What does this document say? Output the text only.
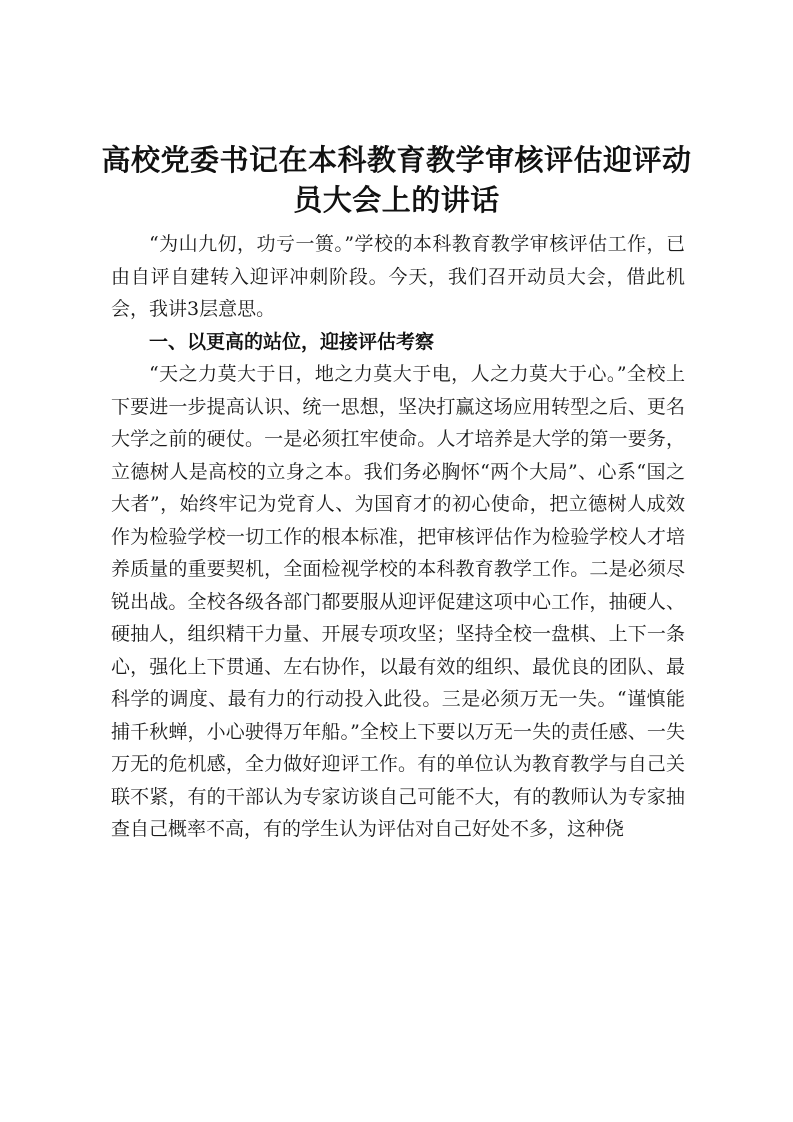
高校党委书记在本科教育教学审核评估迎评动员大会上的讲话

“为山九仞，功亏一篑。”学校的本科教育教学审核评估工作，已由自评自建转入迎评冲刺阶段。今天，我们召开动员大会，借此机会，我讲3层意思。

一、以更高的站位，迎接评估考察

“天之力莫大于日，地之力莫大于电，人之力莫大于心。”全校上下要进一步提高认识、统一思想，坚决打赢这场应用转型之后、更名大学之前的硬仗。一是必须扛牢使命。人才培养是大学的第一要务，立德树人是高校的立身之本。我们务必胸怀“两个大局”、心系“国之大者”，始终牢记为党育人、为国育才的初心使命，把立德树人成效作为检验学校一切工作的根本标准，把审核评估作为检验学校人才培养质量的重要契机，全面检视学校的本科教育教学工作。二是必须尽锐出战。全校各级各部门都要服从迎评促建这项中心工作，抽硬人、硬抽人，组织精干力量、开展专项攻坚；坚持全校一盘棋、上下一条心，强化上下贯通、左右协作，以最有效的组织、最优良的团队、最科学的调度、最有力的行动投入此役。三是必须万无一失。“谨慎能捕千秋蝉，小心驶得万年船。”全校上下要以万无一失的责任感、一失万无的危机感，全力做好迎评工作。有的单位认为教育教学与自己关联不紧，有的干部认为专家访谈自己可能不大，有的教师认为专家抽查自己概率不高，有的学生认为评估对自己好处不多，这种侥
